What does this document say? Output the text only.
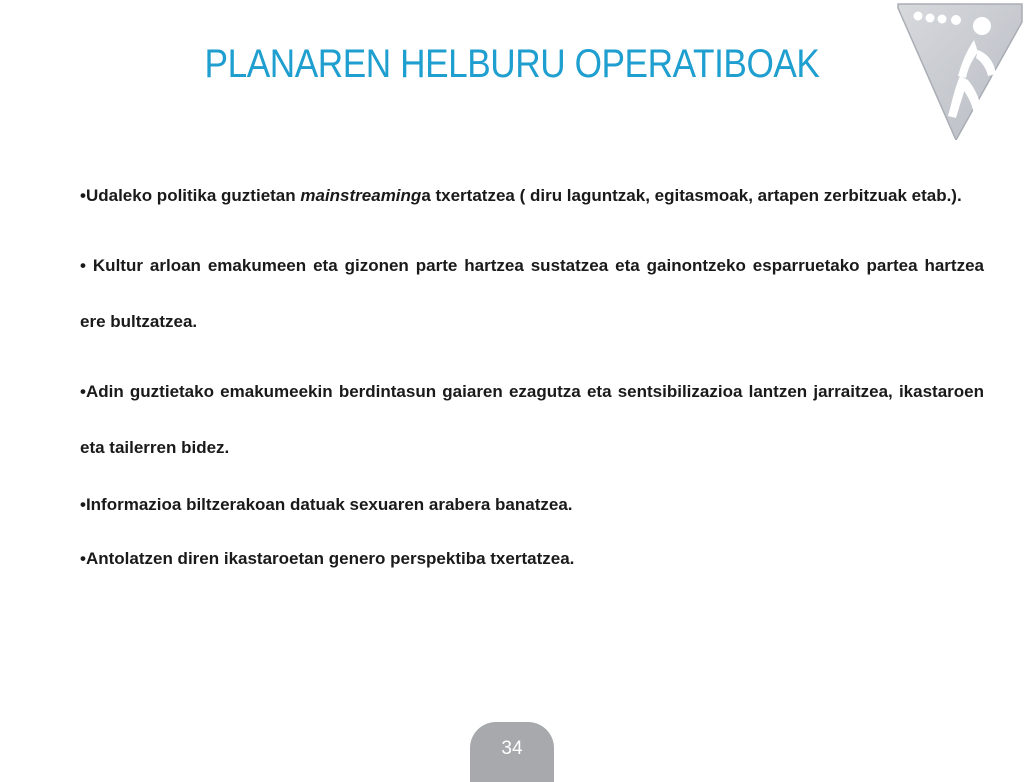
PLANAREN HELBURU OPERATIBOAK

•Udaleko politika guztietan mainstreaminga txertatzea ( diru laguntzak, egitasmoak, artapen zerbitzuak etab.).

• Kultur arloan emakumeen eta gizonen parte hartzea sustatzea eta gainontzeko esparruetako partea hartzea ere bultzatzea.

•Adin guztietako emakumeekin berdintasun gaiaren ezagutza eta sentsibilizazioa lantzen jarraitzea, ikastaroen eta tailerren bidez.

•Informazioa biltzerakoan datuak sexuaren arabera banatzea.

•Antolatzen diren ikastaroetan genero perspektiba txertatzea.

34
